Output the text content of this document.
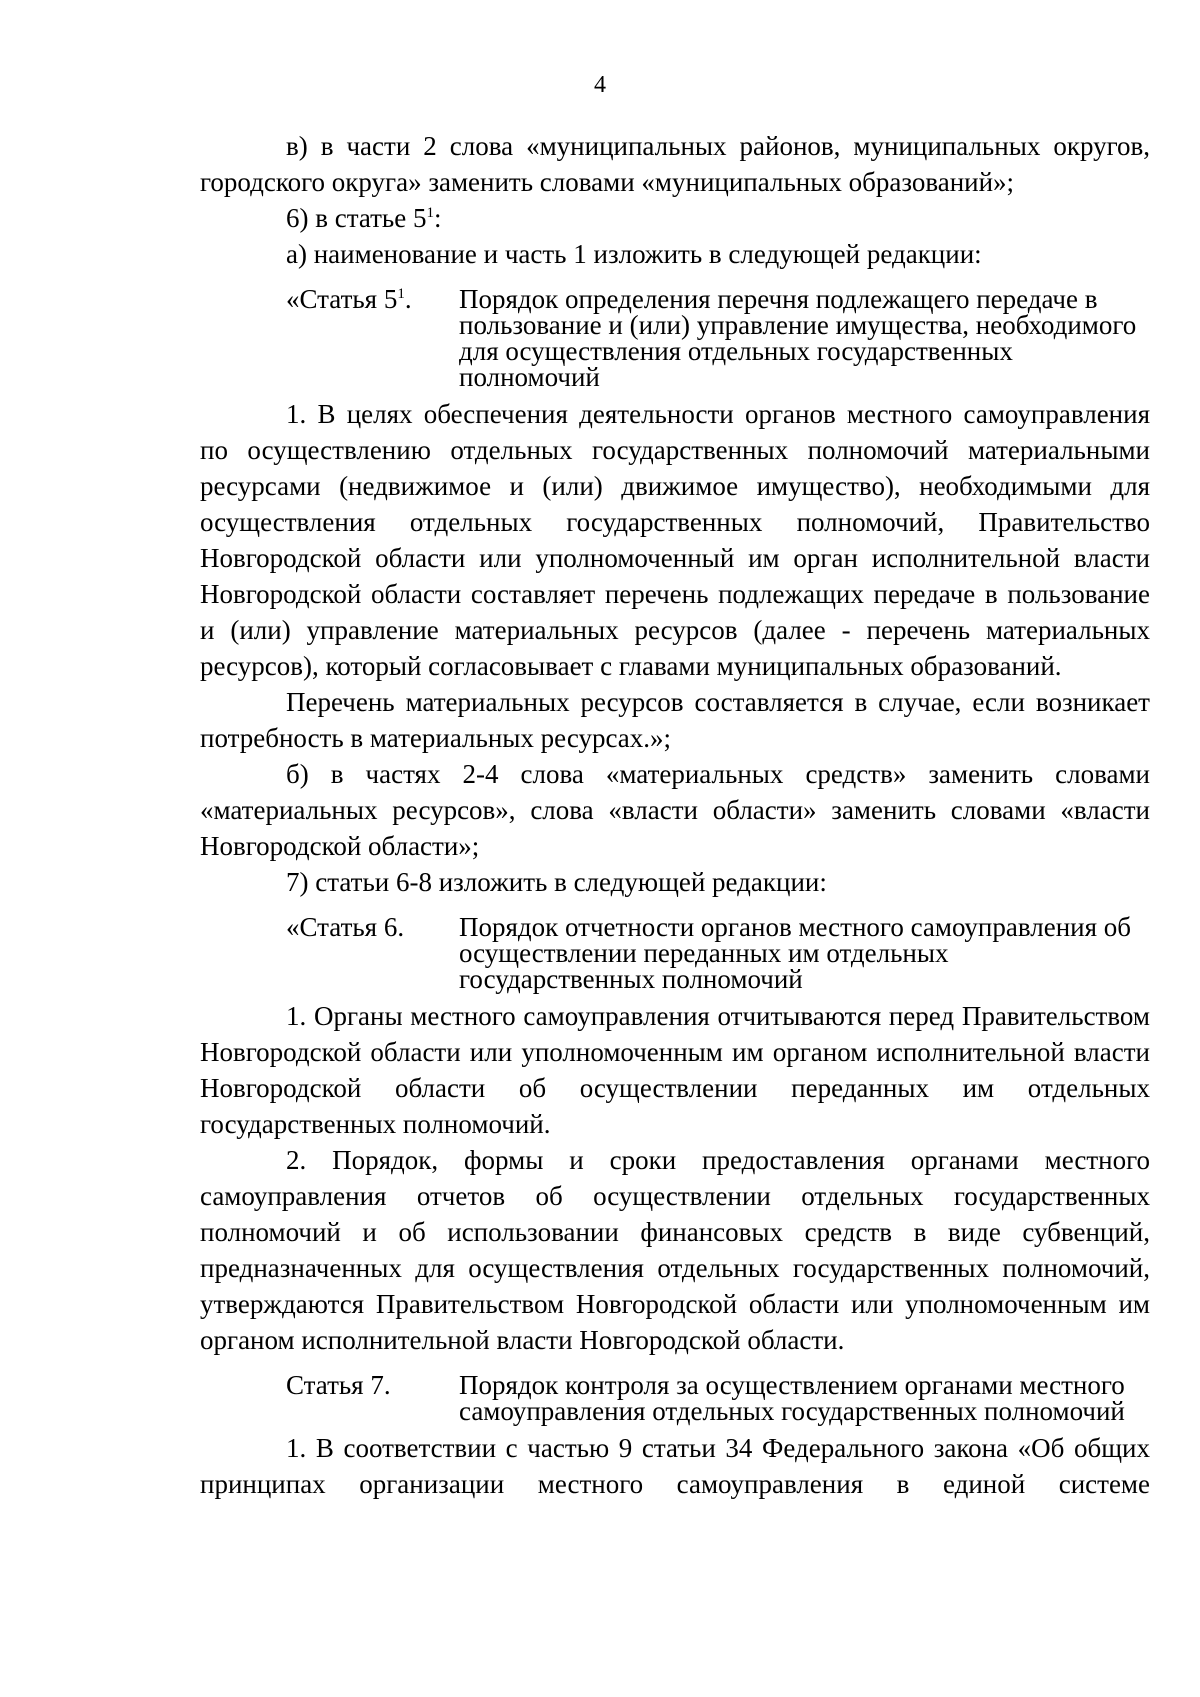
4
в) в части 2 слова «муниципальных районов, муниципальных округов, городского округа» заменить словами «муниципальных образований»;
6) в статье $5^1$:
а) наименование и часть 1 изложить в следующей редакции:
«Статья $5^1$.	Порядок определения перечня подлежащего передаче в пользование и (или) управление имущества, необходимого для осуществления отдельных государственных полномочий
1. В целях обеспечения деятельности органов местного самоуправления по осуществлению отдельных государственных полномочий материальными ресурсами (недвижимое и (или) движимое имущество), необходимыми для осуществления отдельных государственных полномочий, Правительство Новгородской области или уполномоченный им орган исполнительной власти Новгородской области составляет перечень подлежащих передаче в пользование и (или) управление материальных ресурсов (далее - перечень материальных ресурсов), который согласовывает с главами муниципальных образований.
Перечень материальных ресурсов составляется в случае, если возникает потребность в материальных ресурсах.»;
б) в частях 2-4 слова «материальных средств» заменить словами «материальных ресурсов», слова «власти области» заменить словами «власти Новгородской области»;
7) статьи 6-8 изложить в следующей редакции:
«Статья 6.	Порядок отчетности органов местного самоуправления об осуществлении переданных им отдельных государственных полномочий
1. Органы местного самоуправления отчитываются перед Правительством Новгородской области или уполномоченным им органом исполнительной власти Новгородской области об осуществлении переданных им отдельных государственных полномочий.
2. Порядок, формы и сроки предоставления органами местного самоуправления отчетов об осуществлении отдельных государственных полномочий и об использовании финансовых средств в виде субвенций, предназначенных для осуществления отдельных государственных полномочий, утверждаются Правительством Новгородской области или уполномоченным им органом исполнительной власти Новгородской области.
Статья 7.	Порядок контроля за осуществлением органами местного самоуправления отдельных государственных полномочий
1. В соответствии с частью 9 статьи 34 Федерального закона «Об общих принципах организации местного самоуправления в единой системе
